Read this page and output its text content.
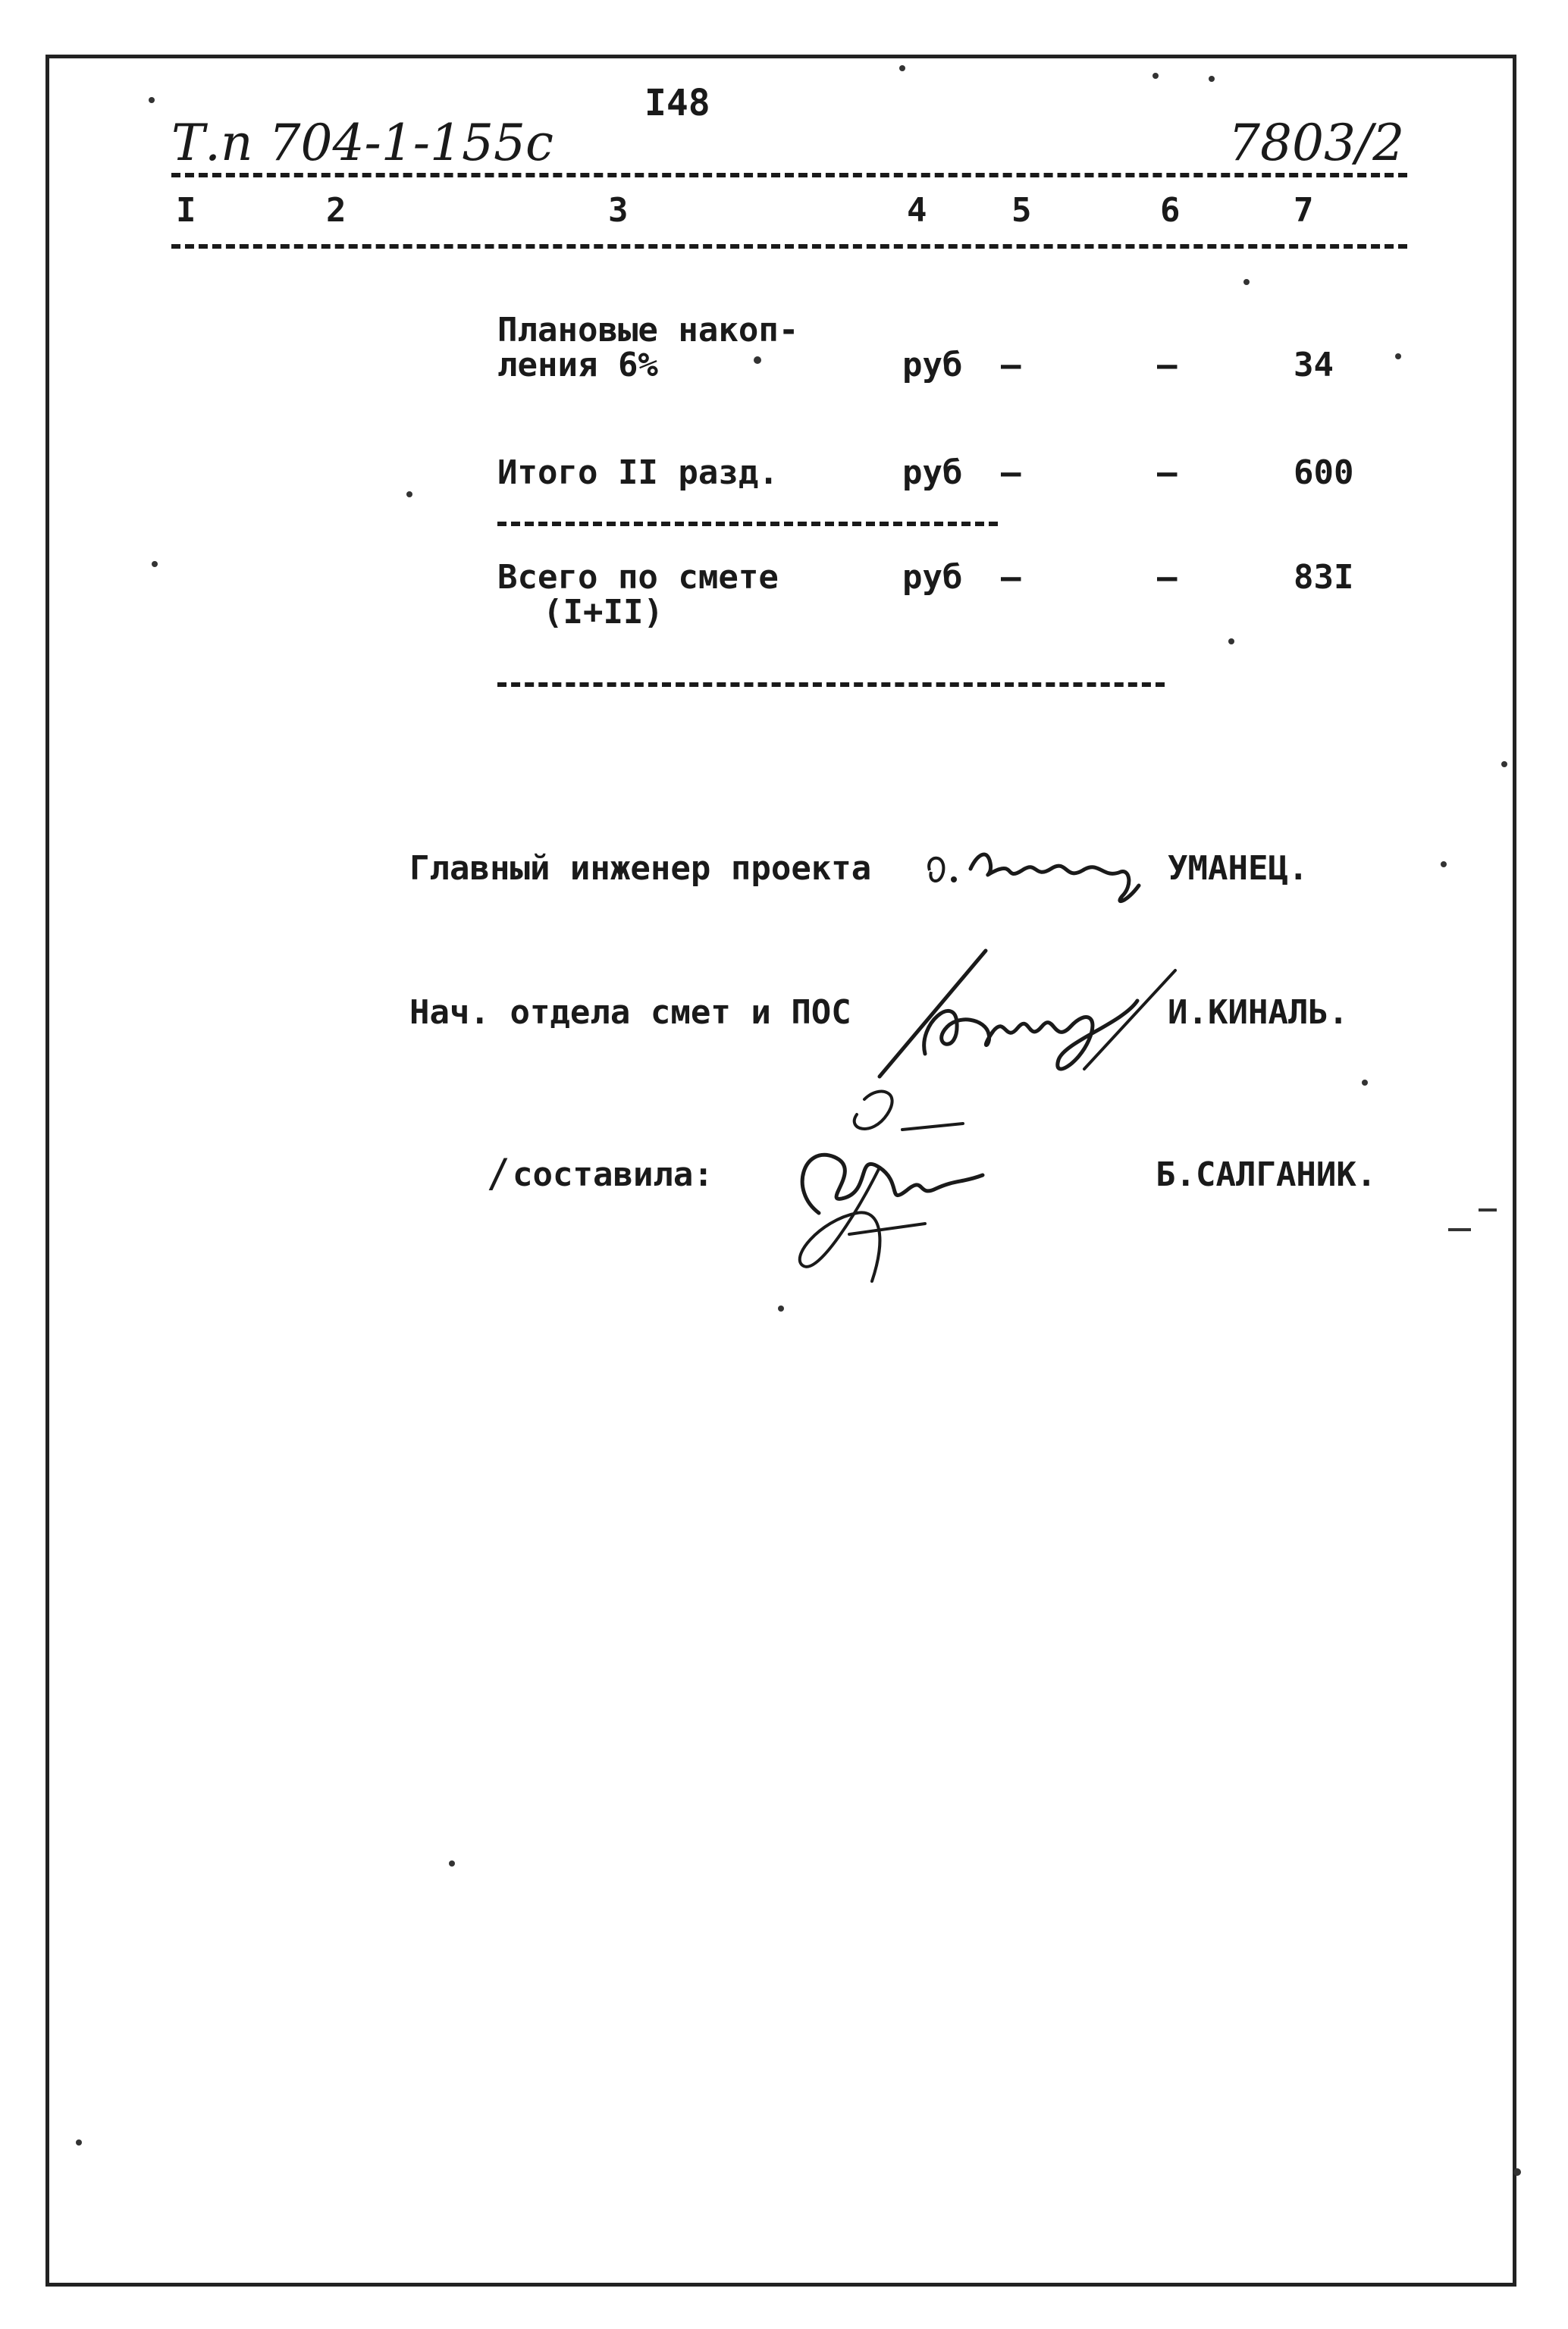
I48
Т.п 704-1-155с	7803/2
I	2	3	4	5	6	7
Плановые накоп-
ления 6%	руб –	–	34
Итого II разд.	руб –	–	600
Всего по смете
(I+II)
руб –	–	83I
Главный инженер проекта	УМАНЕЦ.
Нач. отдела смет и ПОС	И.КИНАЛЬ.
/ составила:	Б.САЛГАНИК.
